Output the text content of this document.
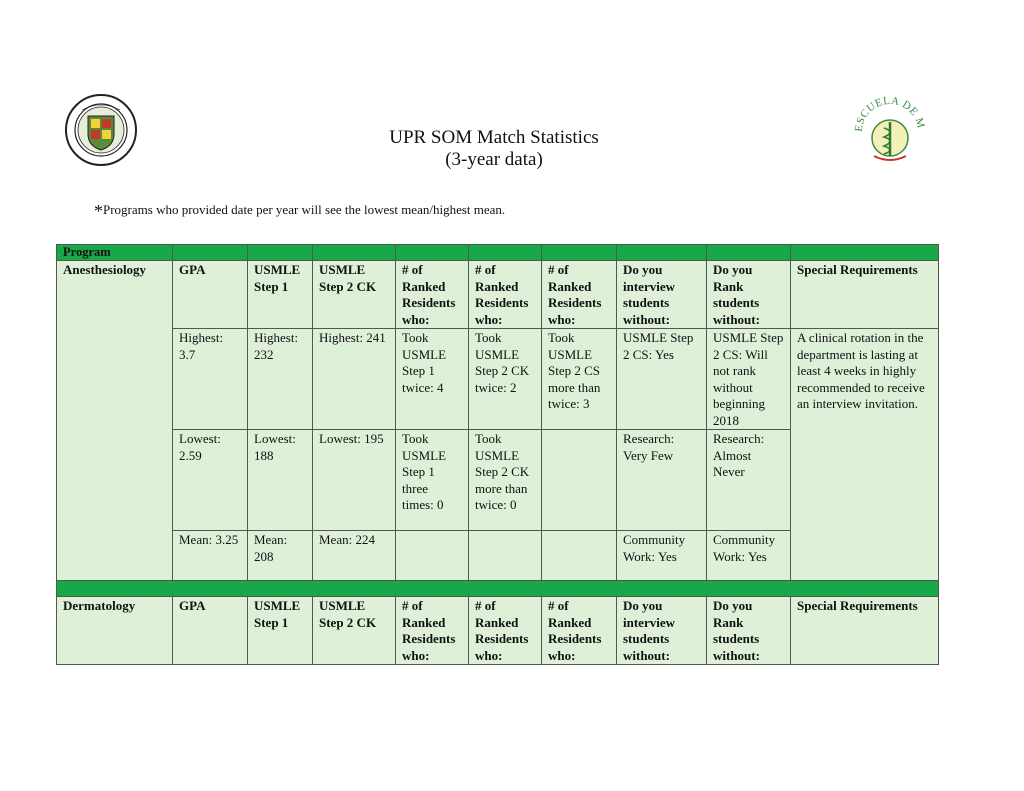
ESCUELA DE M
UPR SOM Match Statistics
(3-year data)
*Programs who provided date per year will see the lowest mean/highest mean.
Program									
Anesthesiology	GPA	USMLE Step 1	USMLE Step 2 CK	# of Ranked Residents who:	# of Ranked Residents who:	# of Ranked Residents who:	Do you interview students without:	Do you Rank students without:	Special Requirements
	Highest: 3.7	Highest: 232	Highest: 241	Took USMLE Step 1 twice: 4	Took USMLE Step 2 CK twice: 2	Took USMLE Step 2 CS more than twice: 3	USMLE Step 2 CS: Yes	USMLE Step 2 CS: Will not rank without beginning 2018	A clinical rotation in the department is lasting at least 4 weeks in highly recommended to receive an interview invitation.
	Lowest: 2.59	Lowest: 188	Lowest: 195	Took USMLE Step 1 three times: 0	Took USMLE Step 2 CK more than twice: 0		Research: Very Few	Research: Almost Never	
	Mean: 3.25	Mean: 208	Mean: 224				Community Work: Yes	Community Work: Yes	

Dermatology	GPA	USMLE Step 1	USMLE Step 2 CK	# of Ranked Residents who:	# of Ranked Residents who:	# of Ranked Residents who:	Do you interview students without:	Do you Rank students without:	Special Requirements
